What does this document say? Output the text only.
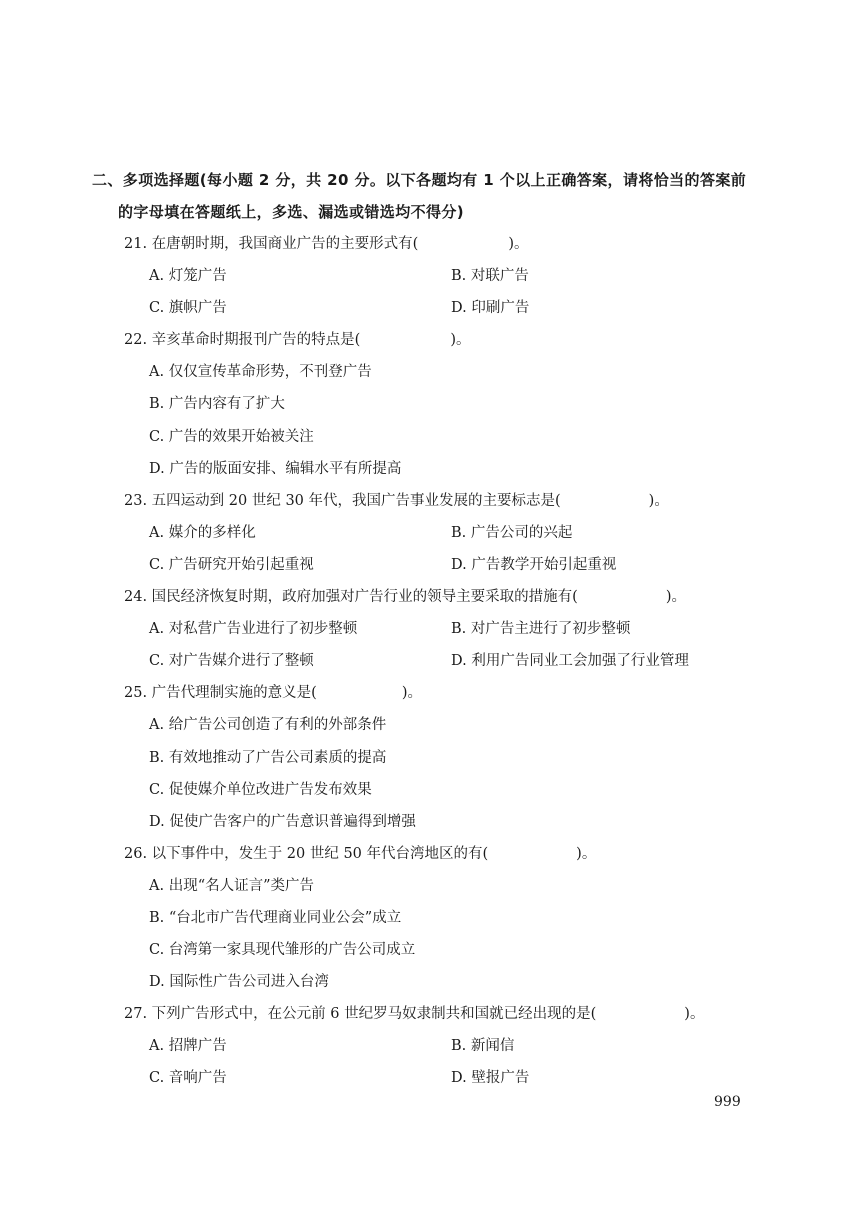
二、多项选择题(每小题 2 分，共 20 分。以下各题均有 1 个以上正确答案，请将恰当的答案前
的字母填在答题纸上，多选、漏选或错选均不得分)
21. 在唐朝时期，我国商业广告的主要形式有(	)。
A. 灯笼广告	B. 对联广告
C. 旗帜广告	D. 印刷广告
22. 辛亥革命时期报刊广告的特点是(	)。
A. 仅仅宣传革命形势，不刊登广告
B. 广告内容有了扩大
C. 广告的效果开始被关注
D. 广告的版面安排、编辑水平有所提高
23. 五四运动到 20 世纪 30 年代，我国广告事业发展的主要标志是(	)。
A. 媒介的多样化	B. 广告公司的兴起
C. 广告研究开始引起重视	D. 广告教学开始引起重视
24. 国民经济恢复时期，政府加强对广告行业的领导主要采取的措施有(	)。
A. 对私营广告业进行了初步整顿	B. 对广告主进行了初步整顿
C. 对广告媒介进行了整顿	D. 利用广告同业工会加强了行业管理
25. 广告代理制实施的意义是(	)。
A. 给广告公司创造了有利的外部条件
B. 有效地推动了广告公司素质的提高
C. 促使媒介单位改进广告发布效果
D. 促使广告客户的广告意识普遍得到增强
26. 以下事件中，发生于 20 世纪 50 年代台湾地区的有(	)。
A. 出现“名人证言”类广告
B. “台北市广告代理商业同业公会”成立
C. 台湾第一家具现代雏形的广告公司成立
D. 国际性广告公司进入台湾
27. 下列广告形式中，在公元前 6 世纪罗马奴隶制共和国就已经出现的是(	)。
A. 招牌广告	B. 新闻信
C. 音响广告	D. 壁报广告
999
